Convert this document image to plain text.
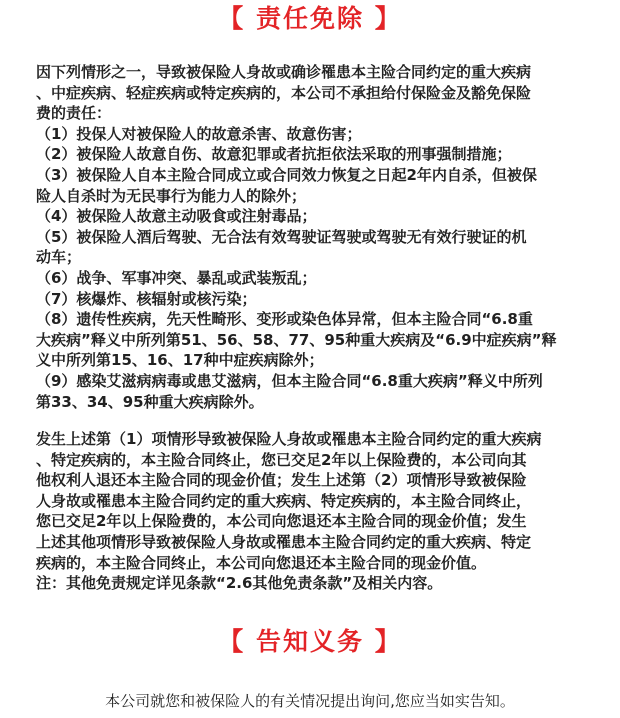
【 责任免除 】
因下列情形之一，导致被保险人身故或确诊罹患本主险合同约定的重大疾病
、中症疾病、轻症疾病或特定疾病的，本公司不承担给付保险金及豁免保险
费的责任：
（1）投保人对被保险人的故意杀害、故意伤害；
（2）被保险人故意自伤、故意犯罪或者抗拒依法采取的刑事强制措施；
（3）被保险人自本主险合同成立或合同效力恢复之日起2年内自杀，但被保
险人自杀时为无民事行为能力人的除外；
（4）被保险人故意主动吸食或注射毒品；
（5）被保险人酒后驾驶、无合法有效驾驶证驾驶或驾驶无有效行驶证的机
动车；
（6）战争、军事冲突、暴乱或武装叛乱；
（7）核爆炸、核辐射或核污染；
（8）遗传性疾病，先天性畸形、变形或染色体异常，但本主险合同“6.8重
大疾病”释义中所列第51、56、58、77、95种重大疾病及“6.9中症疾病”释
义中所列第15、16、17种中症疾病除外；
（9）感染艾滋病病毒或患艾滋病，但本主险合同“6.8重大疾病”释义中所列
第33、34、95种重大疾病除外。
发生上述第（1）项情形导致被保险人身故或罹患本主险合同约定的重大疾病
、特定疾病的，本主险合同终止，您已交足2年以上保险费的，本公司向其
他权利人退还本主险合同的现金价值；发生上述第（2）项情形导致被保险
人身故或罹患本主险合同约定的重大疾病、特定疾病的，本主险合同终止，
您已交足2年以上保险费的，本公司向您退还本主险合同的现金价值；发生
上述其他项情形导致被保险人身故或罹患本主险合同约定的重大疾病、特定
疾病的，本主险合同终止，本公司向您退还本主险合同的现金价值。
注：其他免责规定详见条款“2.6其他免责条款”及相关内容。
【 告知义务 】
本公司就您和被保险人的有关情况提出询问,您应当如实告知。
